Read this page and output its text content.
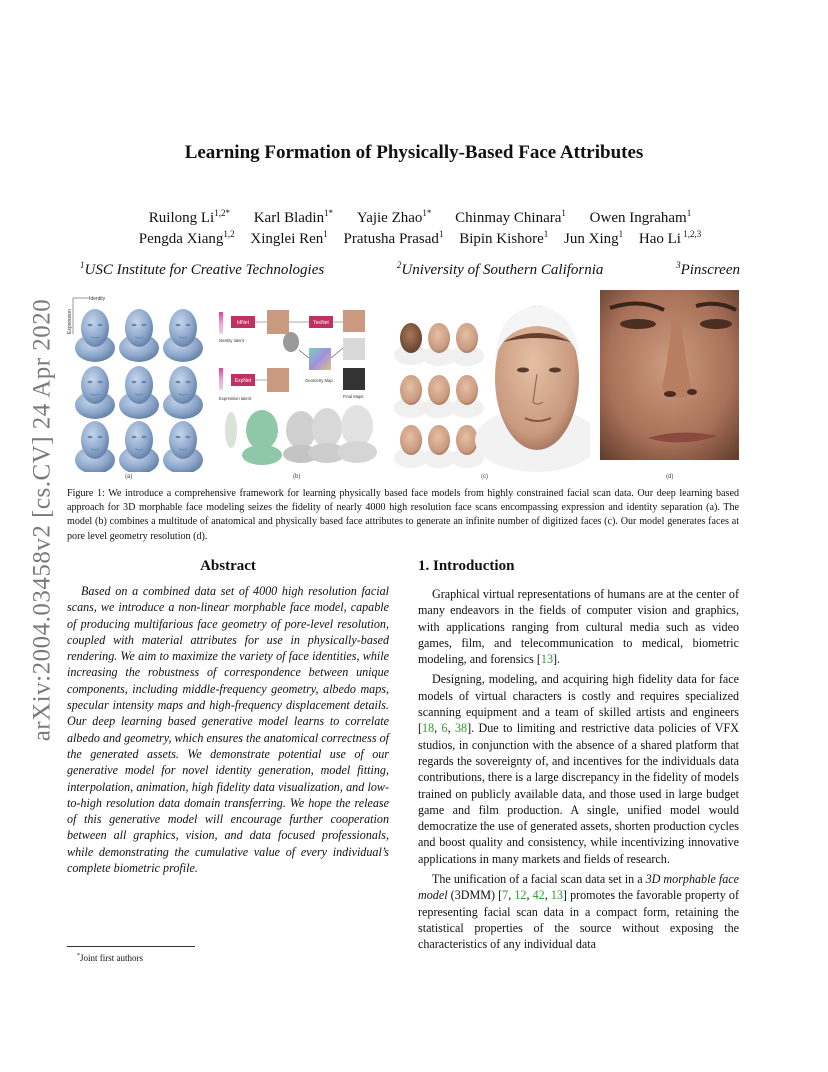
arXiv:2004.03458v2 [cs.CV] 24 Apr 2020
Learning Formation of Physically-Based Face Attributes
Ruilong $Li^{1,2*}$ Karl Bladin$^{1*}$ Yajie Zhao$^{1*}$ Chinmay Chinara$^1$ Owen Ingraham$^1$
Pengda Xiang$^{1,2}$ Xinglei Ren$^1$ Pratusha Prasad$^1$ Bipin Kishore$^1$ Jun Xing$^1$ Hao Li $^{1,2,3}$
$^1$USC Institute for Creative Technologies	$^2$University of Southern California	$^3$Pinscreen
Identity
Expression
(a)
IdNet
Identity latent
TexNet
ExpNet
Expression latent
Geometry Map
Final Maps
(b)	(c)	(d)
Figure 1: We introduce a comprehensive framework for learning physically based face models from highly constrained facial scan data. Our deep learning based approach for 3D morphable face modeling seizes the fidelity of nearly 4000 high resolution face scans encompassing expression and identity separation (a). The model (b) combines a multitude of anatomical and physically based face attributes to generate an infinite number of digitized faces (c). Our model generates faces at pore level geometry resolution (d).
Abstract

Based on a combined data set of 4000 high resolution facial scans, we introduce a non-linear morphable face model, capable of producing multifarious face geometry of pore-level resolution, coupled with material attributes for use in physically-based rendering. We aim to maximize the variety of face identities, while increasing the robustness of correspondence between unique components, including middle-frequency geometry, albedo maps, specular intensity maps and high-frequency displacement details. Our deep learning based generative model learns to correlate albedo and geometry, which ensures the anatomical correctness of the generated assets. We demonstrate potential use of our generative model for novel identity generation, model fitting, interpolation, animation, high fidelity data visualization, and low-to-high resolution data domain transferring. We hope the release of this generative model will encourage further cooperation between all graphics, vision, and data focused professionals, while demonstrating the cumulative value of every individual’s complete biometric profile.

1. Introduction

Graphical virtual representations of humans are at the center of many endeavors in the fields of computer vision and graphics, with applications ranging from cultural media such as video games, film, and telecommunication to medical, biometric modeling, and forensics [13].

Designing, modeling, and acquiring high fidelity data for face models of virtual characters is costly and requires specialized scanning equipment and a team of skilled artists and engineers [18, 6, 38]. Due to limiting and restrictive data policies of VFX studios, in conjunction with the absence of a shared platform that regards the sovereignty of, and incentives for the individuals data contributions, there is a large discrepancy in the fidelity of models trained on publicly available data, and those used in large budget game and film production. A single, unified model would democratize the use of generated assets, shorten production cycles and boost quality and consistency, while incentivizing innovative applications in many markets and fields of research.

The unification of a facial scan data set in a 3D morphable face model (3DMM) [7, 12, 42, 13] promotes the favorable property of representing facial scan data in a compact form, retaining the statistical properties of the source without exposing the characteristics of any individual data

*Joint first authors
